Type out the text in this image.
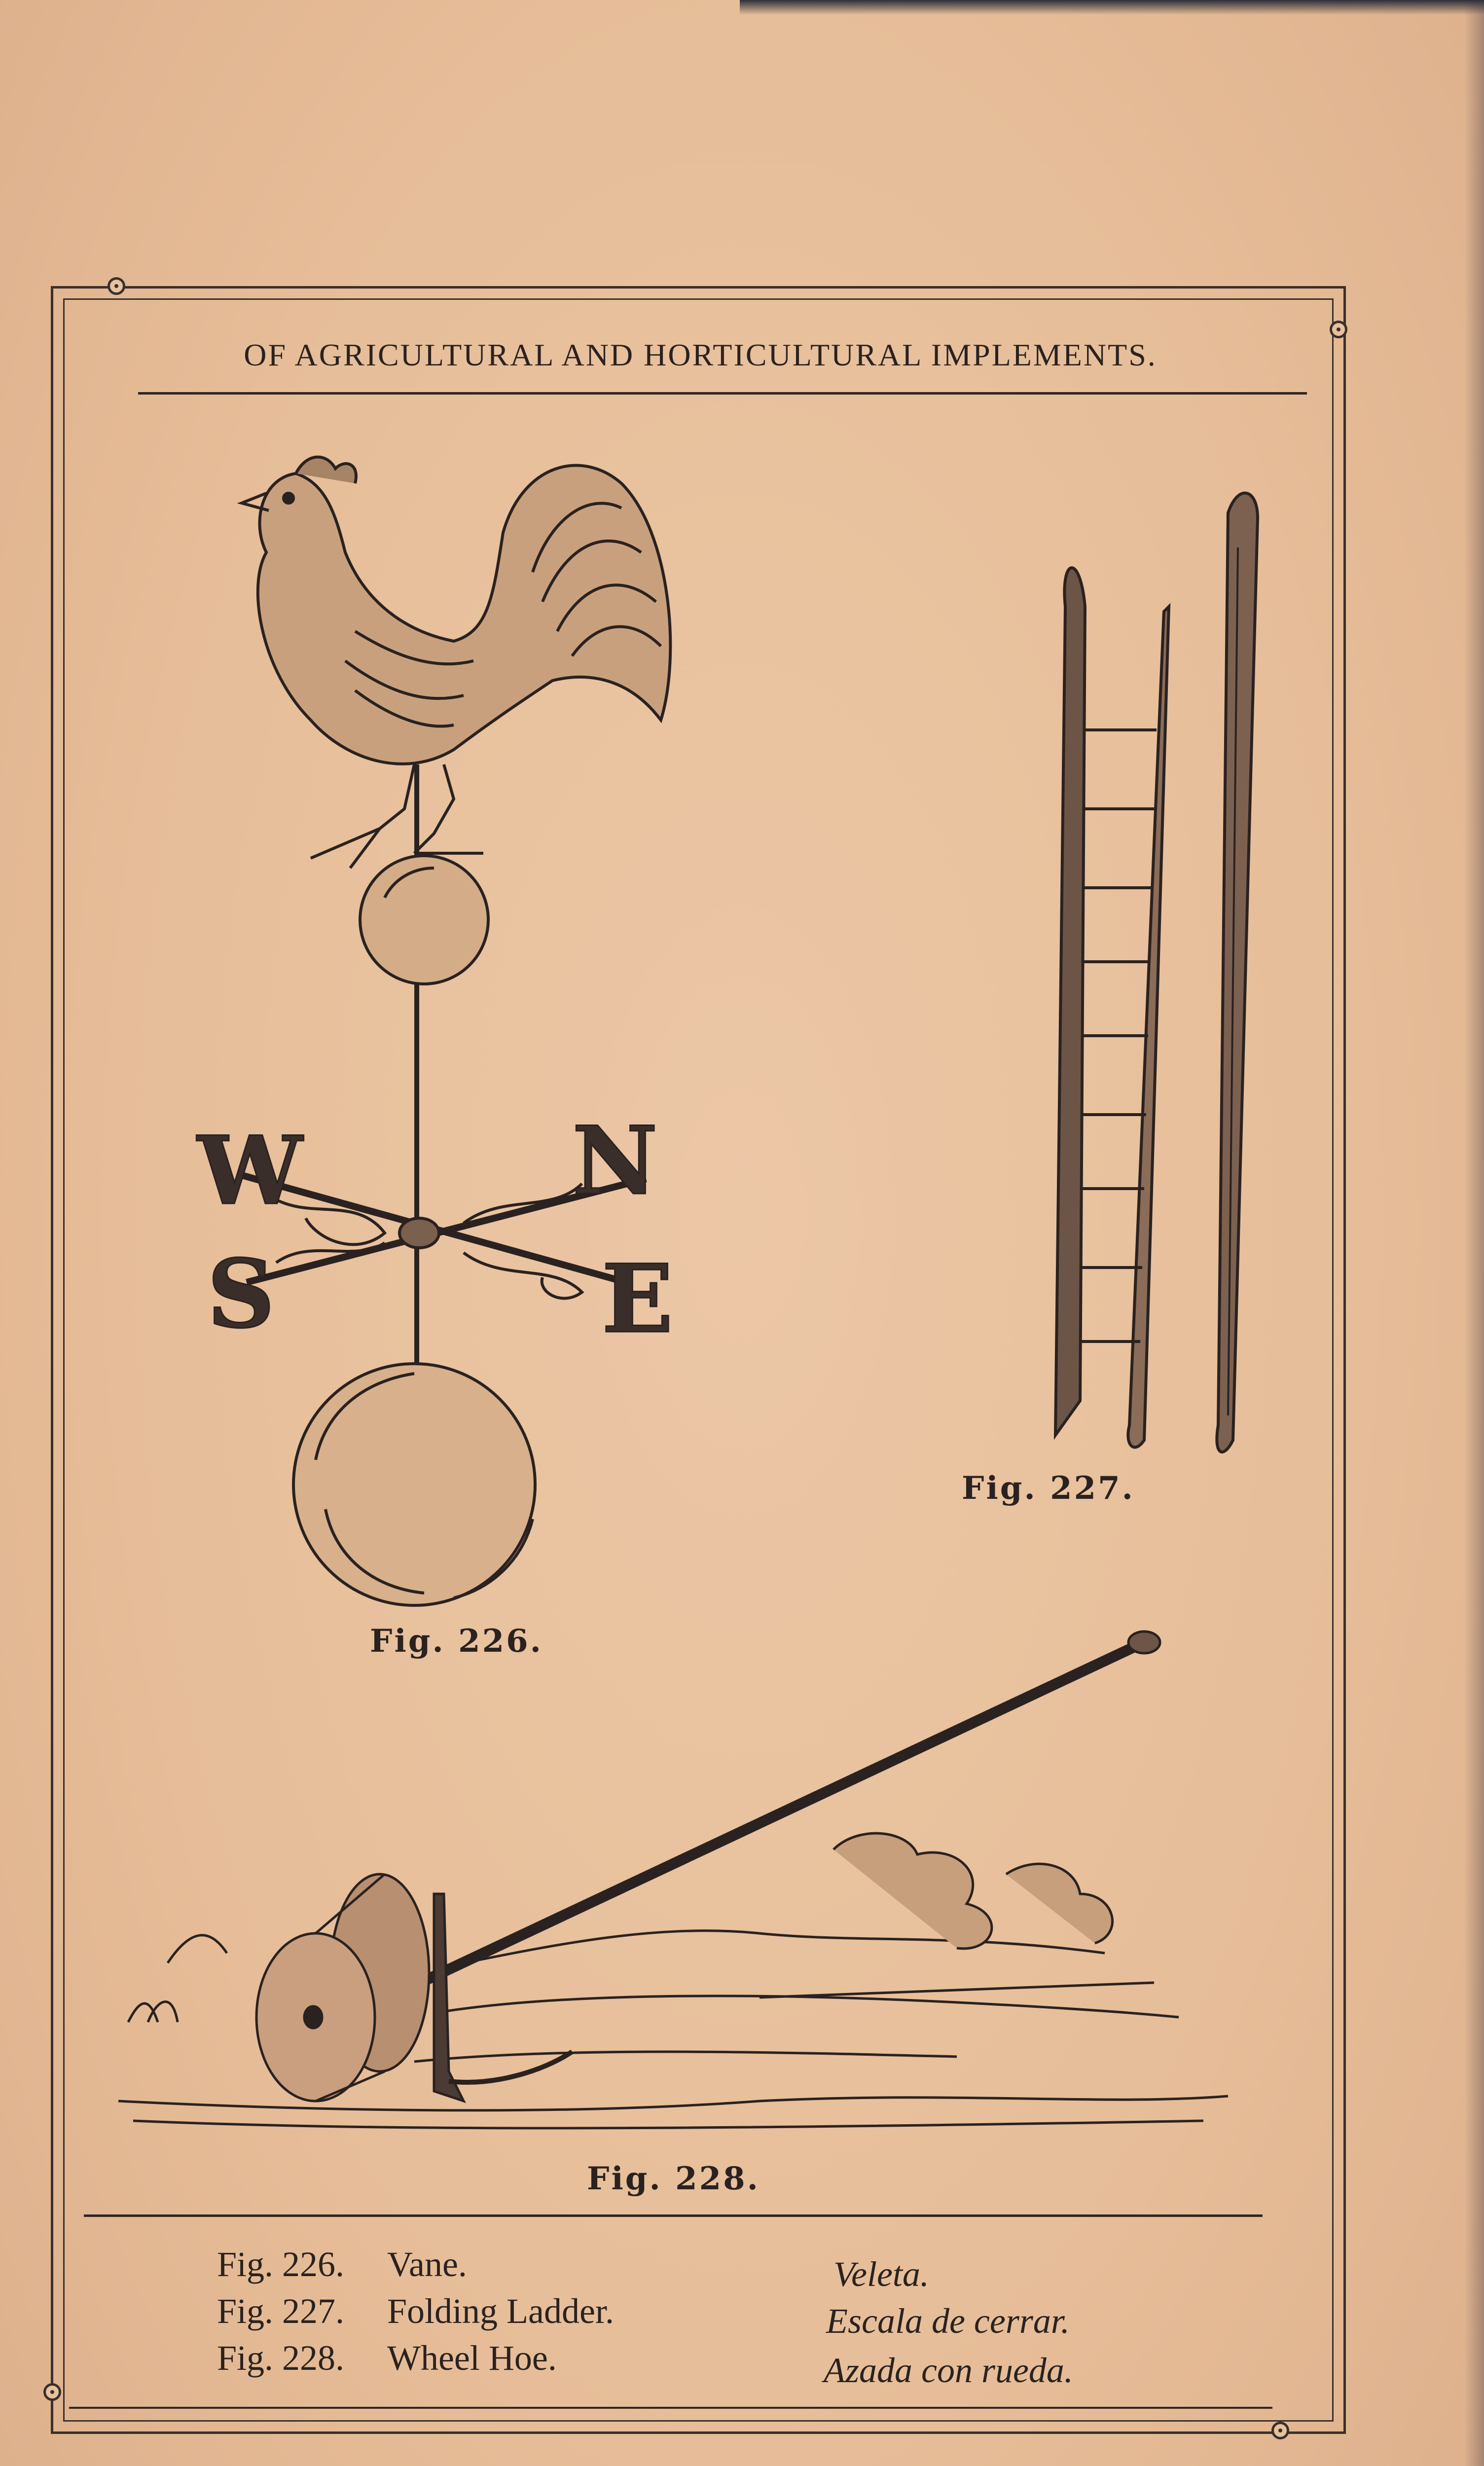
OF AGRICULTURAL AND HORTICULTURAL IMPLEMENTS.
W	N
S	E
Fig. 226.
Fig. 227.
Fig. 228.
Fig. 226. Vane.	Veleta.
Fig. 227. Folding Ladder.	Escala de cerrar.
Fig. 228. Wheel Hoe.	Azada con rueda.
